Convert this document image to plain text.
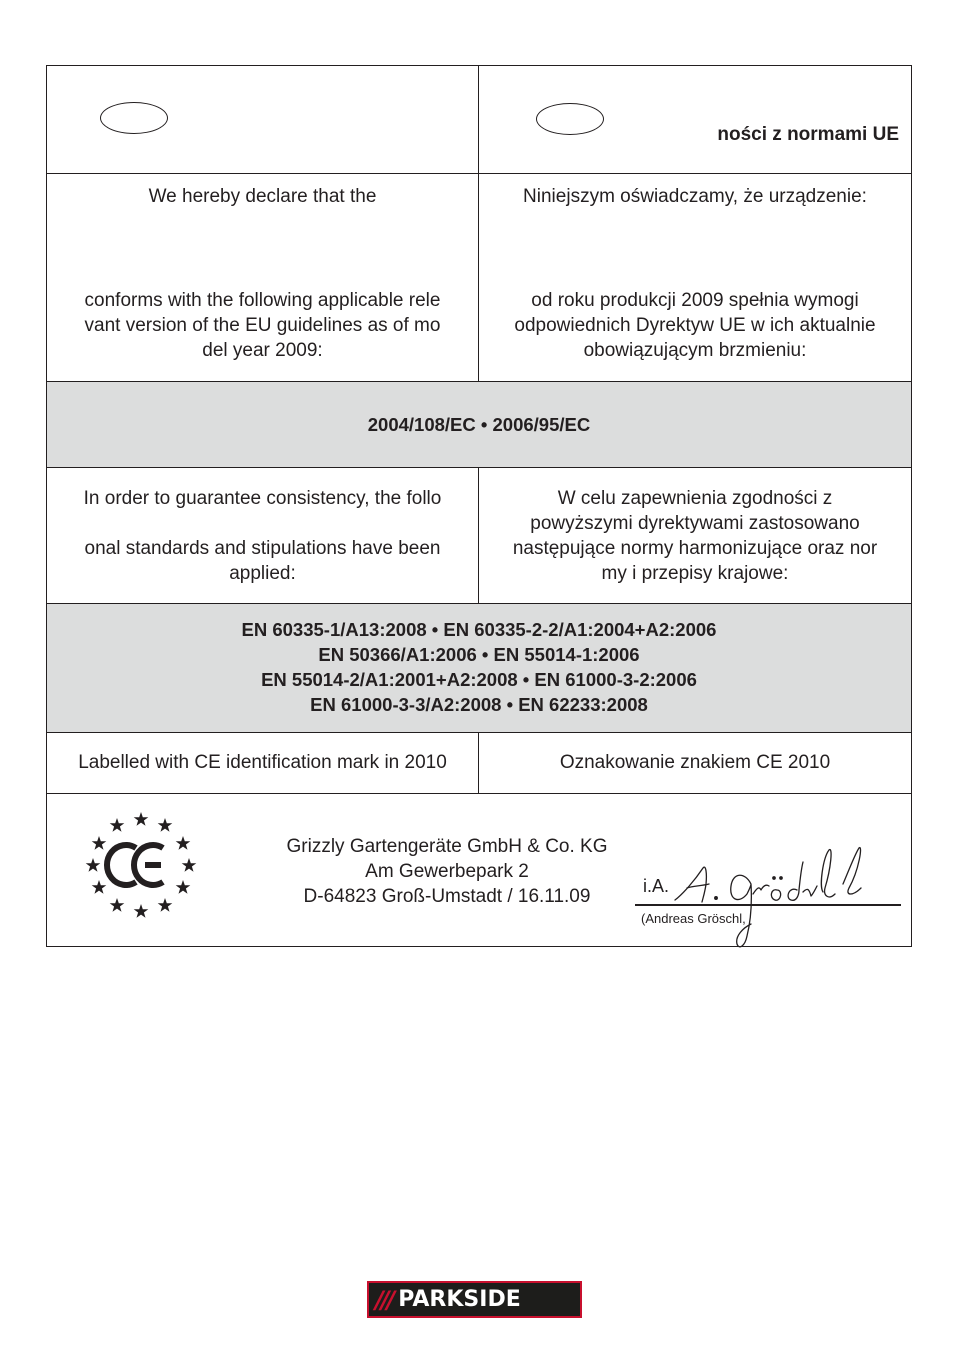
ności z normami UE
We hereby declare that the
conforms with the following applicable rele
vant version of the EU guidelines as of mo
del year 2009:
Niniejszym oświadczamy, że urządzenie:
od roku produkcji 2009 spełnia wymogi
odpowiednich Dyrektyw UE w ich aktualnie
obowiązującym brzmieniu:
2004/108/EC • 2006/95/EC
In order to guarantee consistency, the follo
onal standards and stipulations have been
applied:
W celu zapewnienia zgodności z
powyższymi dyrektywami zastosowano
następujące normy harmonizujące oraz nor
my i przepisy krajowe:
EN 60335-1/A13:2008 • EN 60335-2-2/A1:2004+A2:2006
EN 50366/A1:2006 • EN 55014-1:2006
EN 55014-2/A1:2001+A2:2008 • EN 61000-3-2:2006
EN 61000-3-3/A2:2008 • EN 62233:2008
Labelled with CE identification mark in 2010	Oznakowanie znakiem CE 2010
Grizzly Gartengeräte GmbH & Co. KG
Am Gewerbepark 2
D-64823 Groß-Umstadt / 16.11.09	i.A.
(Andreas Gröschl,
/// PARKSIDE
